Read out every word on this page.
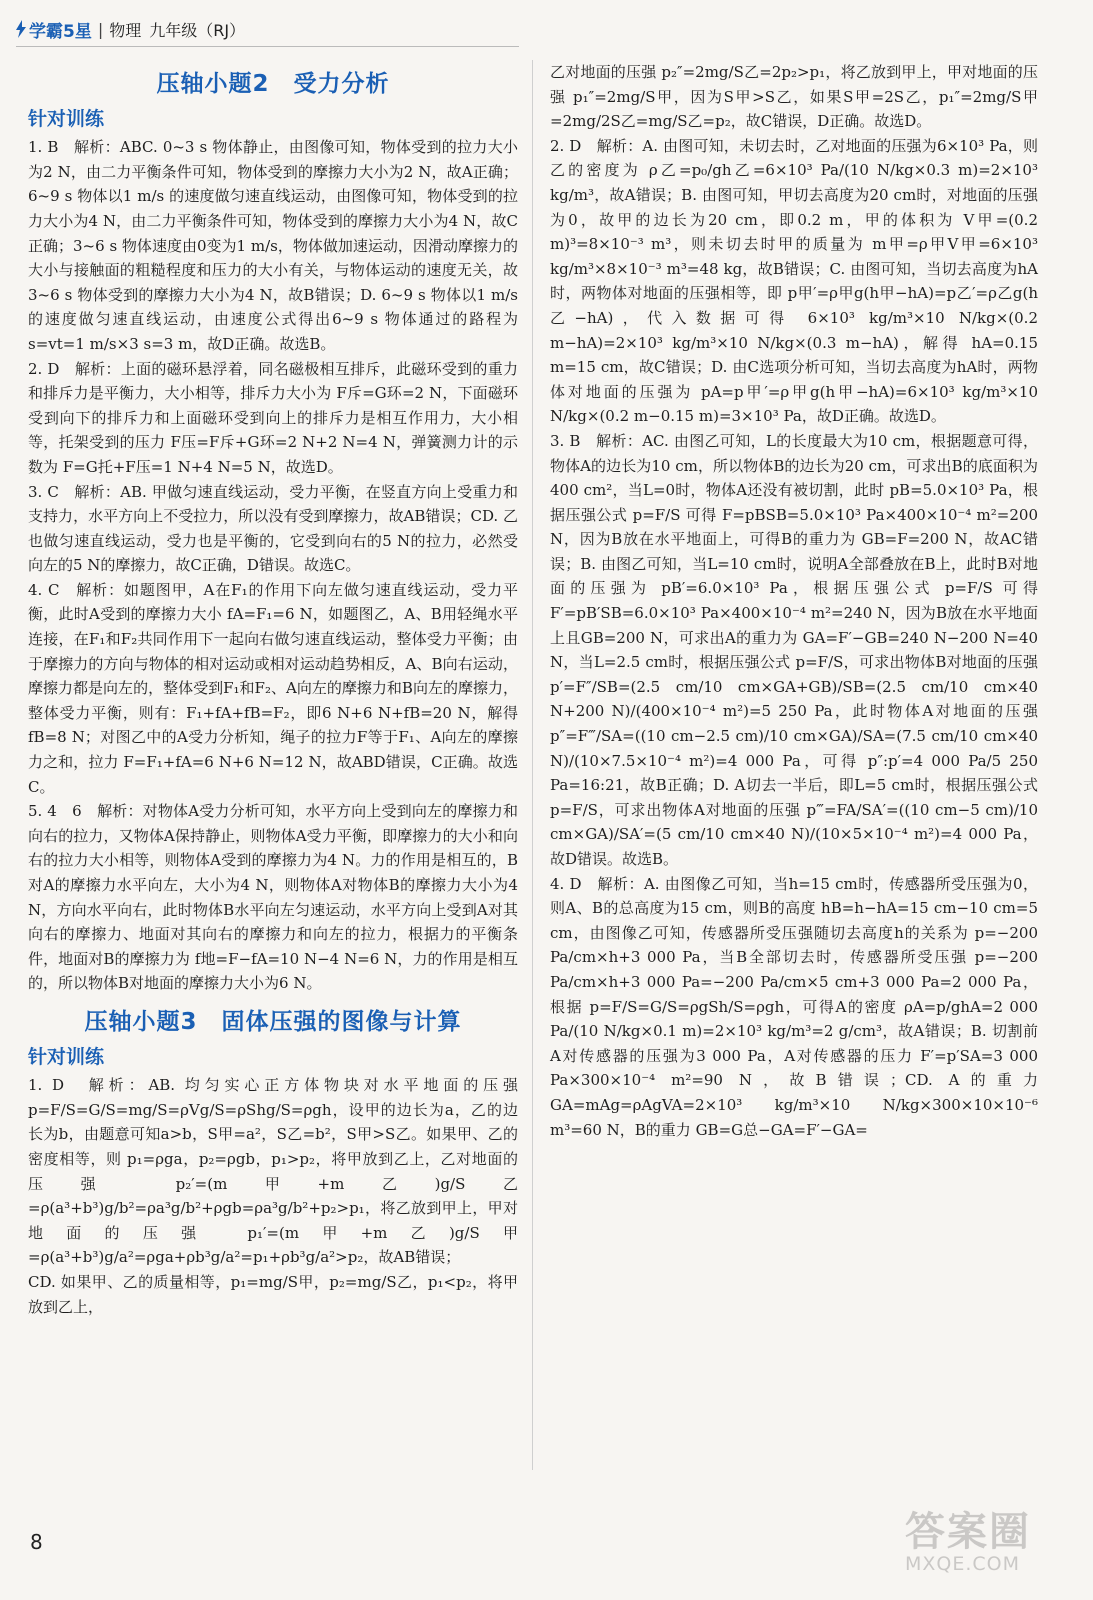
学霸5星 | 物理 九年级（RJ）
压轴小题2　受力分析
针对训练

1. B　解析：ABC. 0~3 s 物体静止，由图像可知，物体受到的拉力大小为2 N，由二力平衡条件可知，物体受到的摩擦力大小为2 N，故A正确；6~9 s 物体以1 m/s 的速度做匀速直线运动，由图像可知，物体受到的拉力大小为4 N，由二力平衡条件可知，物体受到的摩擦力大小为4 N，故C正确；3~6 s 物体速度由0变为1 m/s，物体做加速运动，因滑动摩擦力的大小与接触面的粗糙程度和压力的大小有关，与物体运动的速度无关，故3~6 s 物体受到的摩擦力大小为4 N，故B错误；D. 6~9 s 物体以1 m/s 的速度做匀速直线运动，由速度公式得出6~9 s 物体通过的路程为s=vt=1 m/s×3 s=3 m，故D正确。故选B。

2. D　解析：上面的磁环悬浮着，同名磁极相互排斥，此磁环受到的重力和排斥力是平衡力，大小相等，排斥力大小为 F斥=G环=2 N，下面磁环受到向下的排斥力和上面磁环受到向上的排斥力是相互作用力，大小相等，托架受到的压力 F压=F斥+G环=2 N+2 N=4 N，弹簧测力计的示数为 F=G托+F压=1 N+4 N=5 N，故选D。

3. C　解析：AB. 甲做匀速直线运动，受力平衡，在竖直方向上受重力和支持力，水平方向上不受拉力，所以没有受到摩擦力，故AB错误；CD. 乙也做匀速直线运动，受力也是平衡的，它受到向右的5 N的拉力，必然受向左的5 N的摩擦力，故C正确，D错误。故选C。

4. C　解析：如题图甲，A在F₁的作用下向左做匀速直线运动，受力平衡，此时A受到的摩擦力大小 fA=F₁=6 N，如题图乙，A、B用轻绳水平连接，在F₁和F₂共同作用下一起向右做匀速直线运动，整体受力平衡；由于摩擦力的方向与物体的相对运动或相对运动趋势相反，A、B向右运动，摩擦力都是向左的，整体受到F₁和F₂、A向左的摩擦力和B向左的摩擦力，整体受力平衡，则有：F₁+fA+fB=F₂，即6 N+6 N+fB=20 N，解得 fB=8 N；对图乙中的A受力分析知，绳子的拉力F等于F₁、A向左的摩擦力之和，拉力 F=F₁+fA=6 N+6 N=12 N，故ABD错误，C正确。故选C。

5. 4　6　解析：对物体A受力分析可知，水平方向上受到向左的摩擦力和向右的拉力，又物体A保持静止，则物体A受力平衡，即摩擦力的大小和向右的拉力大小相等，则物体A受到的摩擦力为4 N。力的作用是相互的，B对A的摩擦力水平向左，大小为4 N，则物体A对物体B的摩擦力大小为4 N，方向水平向右，此时物体B水平向左匀速运动，水平方向上受到A对其向右的摩擦力、地面对其向右的摩擦力和向左的拉力，根据力的平衡条件，地面对B的摩擦力为 f地=F−fA=10 N−4 N=6 N，力的作用是相互的，所以物体B对地面的摩擦力大小为6 N。

压轴小题3　固体压强的图像与计算
针对训练

1. D　解析：AB. 均匀实心正方体物块对水平地面的压强 p=F/S=G/S=mg/S=ρVg/S=ρShg/S=ρgh，设甲的边长为a，乙的边长为b，由题意可知a>b，S甲=a²，S乙=b²，S甲>S乙。如果甲、乙的密度相等，则 p₁=ρga，p₂=ρgb，p₁>p₂，将甲放到乙上，乙对地面的压强 p₂′=(m甲+m乙)g/S乙=ρ(a³+b³)g/b²=ρa³g/b²+ρgb=ρa³g/b²+p₂>p₁，将乙放到甲上，甲对地面的压强 p₁′=(m甲+m乙)g/S甲=ρ(a³+b³)g/a²=ρga+ρb³g/a²=p₁+ρb³g/a²>p₂，故AB错误；

CD. 如果甲、乙的质量相等，p₁=mg/S甲，p₂=mg/S乙，p₁<p₂，将甲放到乙上，

乙对地面的压强 p₂″=2mg/S乙=2p₂>p₁，将乙放到甲上，甲对地面的压强 p₁″=2mg/S甲，因为S甲>S乙，如果S甲=2S乙，p₁″=2mg/S甲=2mg/2S乙=mg/S乙=p₂，故C错误，D正确。故选D。

2. D　解析：A. 由图可知，未切去时，乙对地面的压强为6×10³ Pa，则乙的密度为 ρ乙=p₀/gh乙=6×10³ Pa/(10 N/kg×0.3 m)=2×10³ kg/m³，故A错误；B. 由图可知，甲切去高度为20 cm时，对地面的压强为0，故甲的边长为20 cm，即0.2 m，甲的体积为 V甲=(0.2 m)³=8×10⁻³ m³，则未切去时甲的质量为 m甲=ρ甲V甲=6×10³ kg/m³×8×10⁻³ m³=48 kg，故B错误；C. 由图可知，当切去高度为hA时，两物体对地面的压强相等，即 p甲′=ρ甲g(h甲−hA)=p乙′=ρ乙g(h乙−hA)，代入数据可得 6×10³ kg/m³×10 N/kg×(0.2 m−hA)=2×10³ kg/m³×10 N/kg×(0.3 m−hA)，解得 hA=0.15 m=15 cm，故C错误；D. 由C选项分析可知，当切去高度为hA时，两物体对地面的压强为 pA=p甲′=ρ甲g(h甲−hA)=6×10³ kg/m³×10 N/kg×(0.2 m−0.15 m)=3×10³ Pa，故D正确。故选D。

3. B　解析：AC. 由图乙可知，L的长度最大为10 cm，根据题意可得，物体A的边长为10 cm，所以物体B的边长为20 cm，可求出B的底面积为400 cm²，当L=0时，物体A还没有被切割，此时 pB=5.0×10³ Pa，根据压强公式 p=F/S 可得 F=pBSB=5.0×10³ Pa×400×10⁻⁴ m²=200 N，因为B放在水平地面上，可得B的重力为 GB=F=200 N，故AC错误；B. 由图乙可知，当L=10 cm时，说明A全部叠放在B上，此时B对地面的压强为 pB′=6.0×10³ Pa，根据压强公式 p=F/S 可得 F′=pB′SB=6.0×10³ Pa×400×10⁻⁴ m²=240 N，因为B放在水平地面上且GB=200 N，可求出A的重力为 GA=F′−GB=240 N−200 N=40 N，当L=2.5 cm时，根据压强公式 p=F/S，可求出物体B对地面的压强 p′=F″/SB=(2.5 cm/10 cm×GA+GB)/SB=(2.5 cm/10 cm×40 N+200 N)/(400×10⁻⁴ m²)=5 250 Pa，此时物体A对地面的压强 p″=F‴/SA=((10 cm−2.5 cm)/10 cm×GA)/SA=(7.5 cm/10 cm×40 N)/(10×7.5×10⁻⁴ m²)=4 000 Pa，可得 p″:p′=4 000 Pa/5 250 Pa=16:21，故B正确；D. A切去一半后，即L=5 cm时，根据压强公式 p=F/S，可求出物体A对地面的压强 p‴=FA/SA′=((10 cm−5 cm)/10 cm×GA)/SA′=(5 cm/10 cm×40 N)/(10×5×10⁻⁴ m²)=4 000 Pa，故D错误。故选B。

4. D　解析：A. 由图像乙可知，当h=15 cm时，传感器所受压强为0，则A、B的总高度为15 cm，则B的高度 hB=h−hA=15 cm−10 cm=5 cm，由图像乙可知，传感器所受压强随切去高度h的关系为 p=−200 Pa/cm×h+3 000 Pa，当B全部切去时，传感器所受压强 p=−200 Pa/cm×h+3 000 Pa=−200 Pa/cm×5 cm+3 000 Pa=2 000 Pa，根据 p=F/S=G/S=ρgSh/S=ρgh，可得A的密度 ρA=p/ghA=2 000 Pa/(10 N/kg×0.1 m)=2×10³ kg/m³=2 g/cm³，故A错误；B. 切割前A对传感器的压强为3 000 Pa，A对传感器的压力 F′=p′SA=3 000 Pa×300×10⁻⁴ m²=90 N，故B错误；CD. A的重力 GA=mAg=ρAgVA=2×10³ kg/m³×10 N/kg×300×10×10⁻⁶ m³=60 N，B的重力 GB=G总−GA=F′−GA=

8	答案圈
MXQE.COM
